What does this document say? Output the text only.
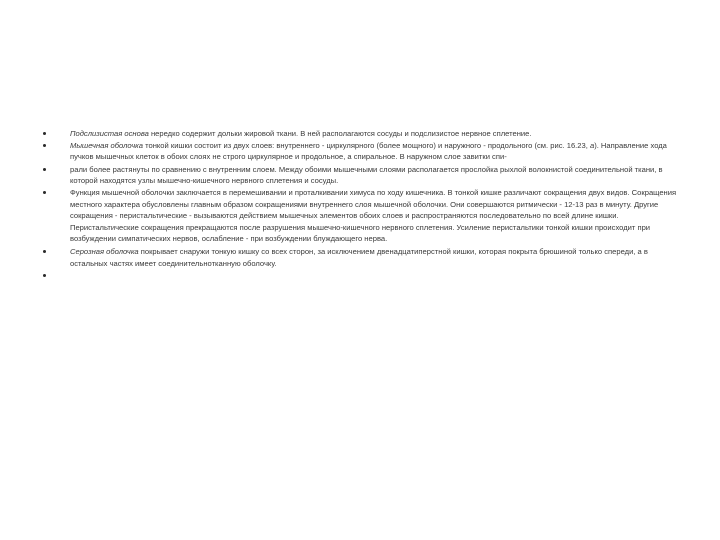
Подслизистая основа нередко содержит дольки жировой ткани. В ней располагаются сосуды и подслизистое нервное сплетение.
Мышечная оболочка тонкой кишки состоит из двух слоев: внутреннего - циркулярного (более мощного) и наружного - продольного (см. рис. 16.23, а). Направление хода пучков мышечных клеток в обоих слоях не строго циркулярное и продольное, а спиральное. В наружном слое завитки спи-
рали более растянуты по сравнению с внутренним слоем. Между обоими мышечными слоями располагается прослойка рыхлой волокнистой соединительной ткани, в которой находятся узлы мышечно-кишечного нервного сплетения и сосуды.
Функция мышечной оболочки заключается в перемешивании и проталкивании химуса по ходу кишечника. В тонкой кишке различают сокращения двух видов. Сокращения местного характера обусловлены главным образом сокращениями внутреннего слоя мышечной оболочки. Они совершаются ритмически - 12-13 раз в минуту. Другие сокращения - перистальтические - вызываются действием мышечных элементов обоих слоев и распространяются последовательно по всей длине кишки. Перистальтические сокращения прекращаются после разрушения мышечно-кишечного нервного сплетения. Усиление перистальтики тонкой кишки происходит при возбуждении симпатических нервов, ослабление - при возбуждении блуждающего нерва.
Серозная оболочка покрывает снаружи тонкую кишку со всех сторон, за исключением двенадцатиперстной кишки, которая покрыта брюшиной только спереди, а в остальных частях имеет соединительнотканную оболочку.
